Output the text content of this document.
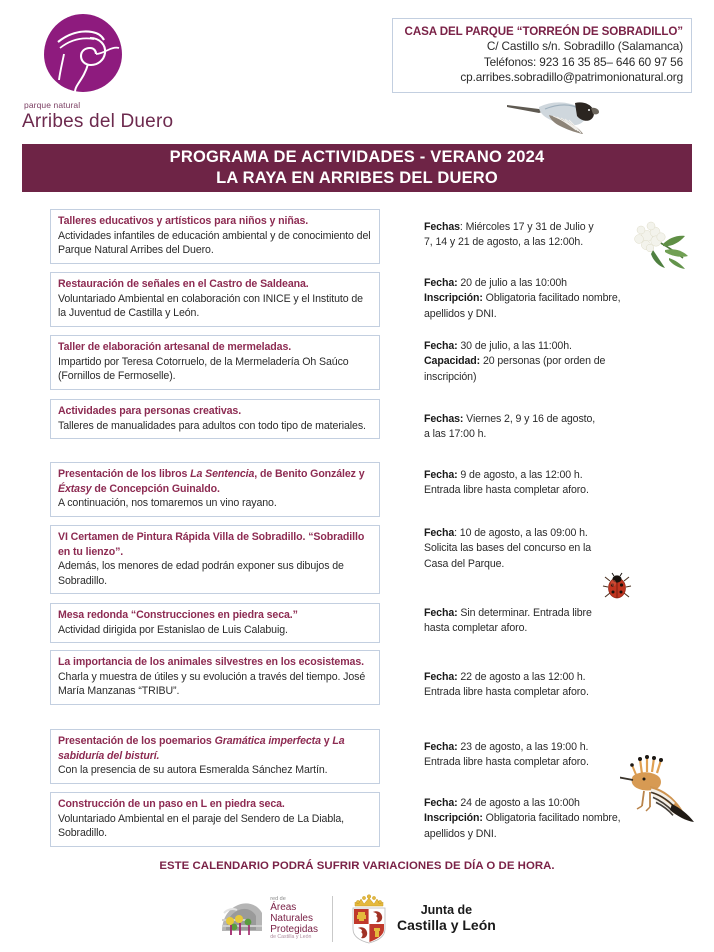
parque natural
Arribes del Duero
CASA DEL PARQUE “TORREÓN DE SOBRADILLO”
C/ Castillo s/n. Sobradillo (Salamanca)
Teléfonos: 923 16 35 85– 646 60 97 56
cp.arribes.sobradillo@patrimonionatural.org
PROGRAMA DE ACTIVIDADES - VERANO 2024
LA RAYA EN ARRIBES DEL DUERO
Talleres educativos y artísticos para niños y niñas.
Actividades infantiles de educación ambiental y de conocimiento del Parque Natural Arribes del Duero.
Fechas: Miércoles 17 y 31 de Julio y
7, 14 y 21 de agosto, a las 12:00h.
Restauración de señales en el Castro de Saldeana.
Voluntariado Ambiental en colaboración con INICE y el Instituto de la Juventud de Castilla y León.
Fecha: 20 de julio a las 10:00h
Inscripción: Obligatoria facilitado nombre,
apellidos y DNI.
Taller de elaboración artesanal de mermeladas.
Impartido por Teresa Cotorruelo, de la Mermeladería Oh Saúco (Fornillos de Fermoselle).
Fecha: 30 de julio, a las 11:00h.
Capacidad: 20 personas (por orden de
inscripción)
Actividades para personas creativas.
Talleres de manualidades para adultos con todo tipo de materiales.
Fechas: Viernes 2, 9 y 16 de agosto,
a las 17:00 h.
Presentación de los libros La Sentencia, de Benito González y Éxtasy de Concepción Guinaldo.
A continuación, nos tomaremos un vino rayano.
Fecha: 9 de agosto, a las 12:00 h.
Entrada libre hasta completar aforo.
VI Certamen de Pintura Rápida Villa de Sobradillo. “Sobradillo en tu lienzo”.
Además, los menores de edad podrán exponer sus dibujos de Sobradillo.
Fecha: 10 de agosto, a las 09:00 h.
Solicita las bases del concurso en la
Casa del Parque.
Mesa redonda “Construcciones en piedra seca.”
Actividad dirigida por Estanislao de Luis Calabuig.
Fecha: Sin determinar. Entrada libre
hasta completar aforo.
La importancia de los animales silvestres en los ecosistemas.
Charla y muestra de útiles y su evolución a través del tiempo. José María Manzanas “TRIBU”.
Fecha: 22 de agosto a las 12:00 h.
Entrada libre hasta completar aforo.
Presentación de los poemarios Gramática imperfecta y La sabiduría del bisturí.
Con la presencia de su autora Esmeralda Sánchez Martín.
Fecha: 23 de agosto, a las 19:00 h.
Entrada libre hasta completar aforo.
Construcción de un paso en L en piedra seca.
Voluntariado Ambiental en el paraje del Sendero de La Diabla, Sobradillo.
Fecha: 24 de agosto a las 10:00h
Inscripción: Obligatoria facilitado nombre,
apellidos y DNI.
ESTE CALENDARIO PODRÁ SUFRIR VARIACIONES DE DÍA O DE HORA.
red de
Áreas
Naturales
Protegidas
de Castilla y León
Junta de
Castilla y León
